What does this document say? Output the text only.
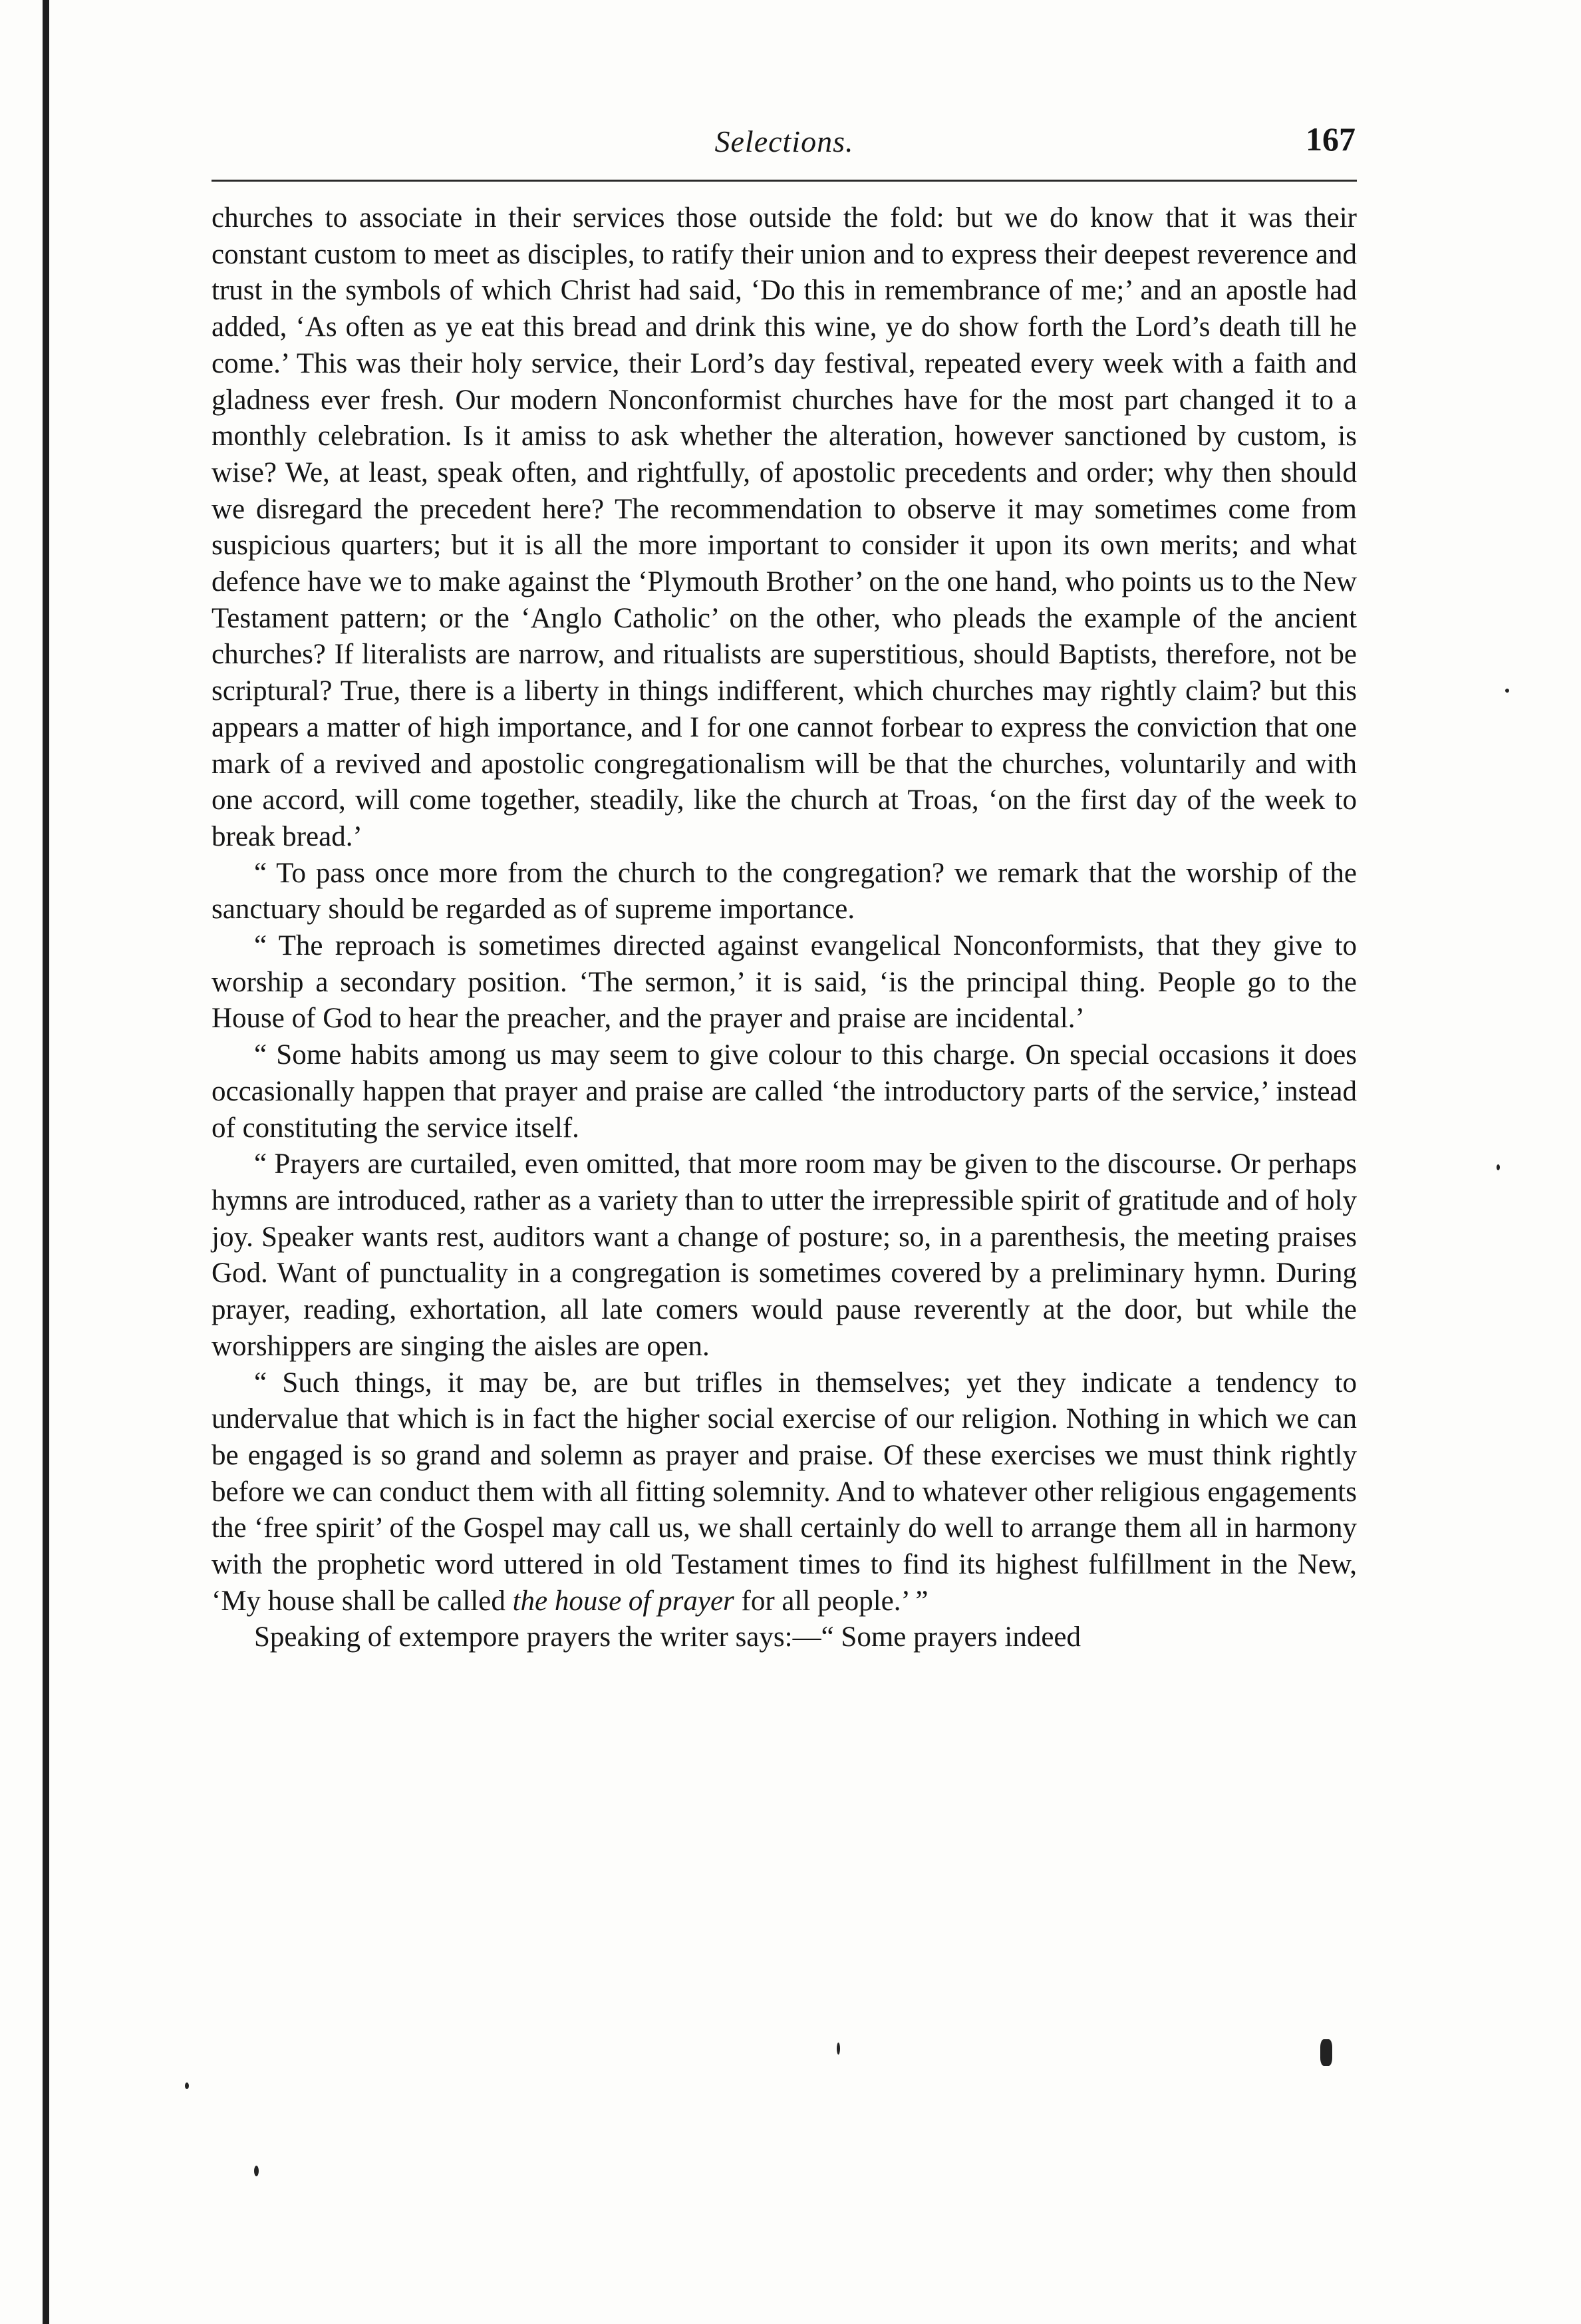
Selections.	167

churches to associate in their services those outside the fold: but we do know that it was their constant custom to meet as disciples, to ratify their union and to express their deepest reverence and trust in the symbols of which Christ had said, ‘Do this in remembrance of me;’ and an apostle had added, ‘As often as ye eat this bread and drink this wine, ye do show forth the Lord’s death till he come.’ This was their holy service, their Lord’s day festival, repeated every week with a faith and gladness ever fresh. Our modern Nonconformist churches have for the most part changed it to a monthly celebration. Is it amiss to ask whether the alteration, however sanctioned by custom, is wise? We, at least, speak often, and rightfully, of apostolic precedents and order; why then should we disregard the precedent here? The recommendation to observe it may sometimes come from suspicious quarters; but it is all the more important to consider it upon its own merits; and what defence have we to make against the ‘Plymouth Brother’ on the one hand, who points us to the New Testament pattern; or the ‘Anglo Catholic’ on the other, who pleads the example of the ancient churches? If literalists are narrow, and ritualists are superstitious, should Baptists, therefore, not be scriptural? True, there is a liberty in things indifferent, which churches may rightly claim? but this appears a matter of high importance, and I for one cannot forbear to express the conviction that one mark of a revived and apostolic congregationalism will be that the churches, voluntarily and with one accord, will come together, steadily, like the church at Troas, ‘on the first day of the week to break bread.’

“ To pass once more from the church to the congregation? we remark that the worship of the sanctuary should be regarded as of supreme importance.

“ The reproach is sometimes directed against evangelical Nonconformists, that they give to worship a secondary position. ‘The sermon,’ it is said, ‘is the principal thing. People go to the House of God to hear the preacher, and the prayer and praise are incidental.’

“ Some habits among us may seem to give colour to this charge. On special occasions it does occasionally happen that prayer and praise are called ‘the introductory parts of the service,’ instead of constituting the service itself.

“ Prayers are curtailed, even omitted, that more room may be given to the discourse. Or perhaps hymns are introduced, rather as a variety than to utter the irrepressible spirit of gratitude and of holy joy. Speaker wants rest, auditors want a change of posture; so, in a parenthesis, the meeting praises God. Want of punctuality in a congregation is sometimes covered by a preliminary hymn. During prayer, reading, exhortation, all late comers would pause reverently at the door, but while the worshippers are singing the aisles are open.

“ Such things, it may be, are but trifles in themselves; yet they indicate a tendency to undervalue that which is in fact the higher social exercise of our religion. Nothing in which we can be engaged is so grand and solemn as prayer and praise. Of these exercises we must think rightly before we can conduct them with all fitting solemnity. And to whatever other religious engagements the ‘free spirit’ of the Gospel may call us, we shall certainly do well to arrange them all in harmony with the prophetic word uttered in old Testament times to find its highest fulfillment in the New, ‘My house shall be called the house of prayer for all people.’ ”

Speaking of extempore prayers the writer says:—“ Some prayers indeed
